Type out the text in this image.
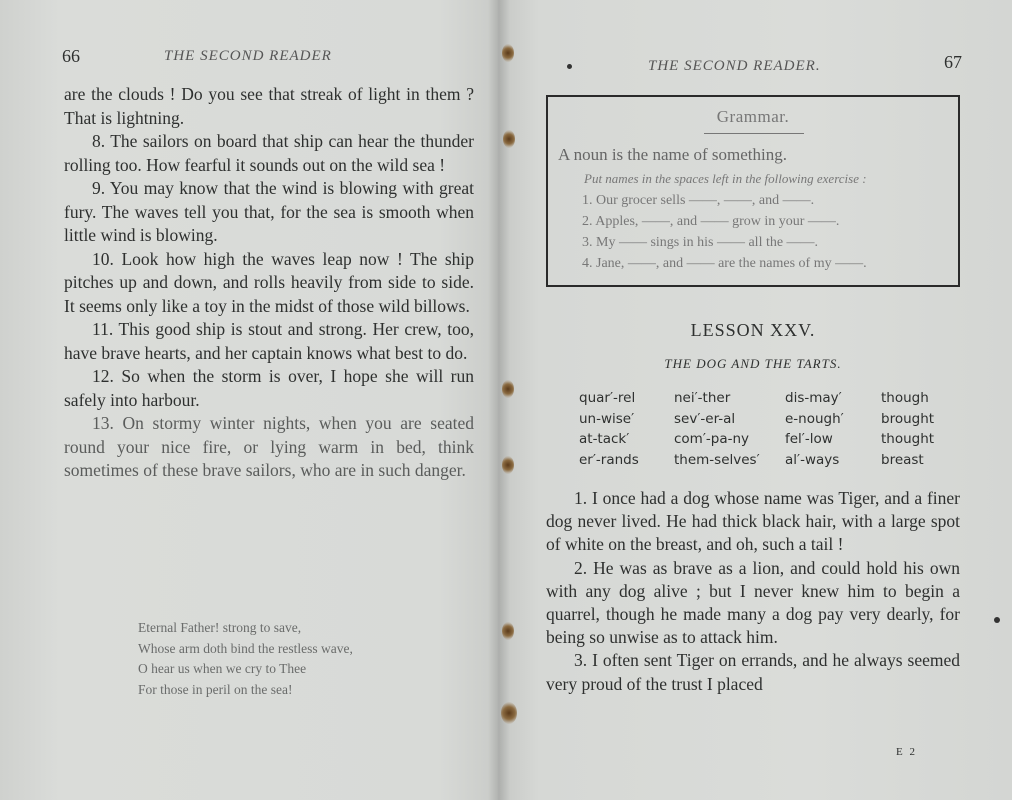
66	THE SECOND READER

are the clouds ! Do you see that streak of light in them ? That is lightning.

8. The sailors on board that ship can hear the thunder rolling too. How fearful it sounds out on the wild sea !

9. You may know that the wind is blowing with great fury. The waves tell you that, for the sea is smooth when little wind is blowing.

10. Look how high the waves leap now ! The ship pitches up and down, and rolls heavily from side to side. It seems only like a toy in the midst of those wild billows.

11. This good ship is stout and strong. Her crew, too, have brave hearts, and her captain knows what best to do.

12. So when the storm is over, I hope she will run safely into harbour.

13. On stormy winter nights, when you are seated round your nice fire, or lying warm in bed, think sometimes of these brave sailors, who are in such danger.

Eternal Father! strong to save,
Whose arm doth bind the restless wave,
O hear us when we cry to Thee
For those in peril on the sea!
THE SECOND READER.	67
Grammar.
A noun is the name of something.
Put names in the spaces left in the following exercise :
1. Our grocer sells ——, ——, and ——.
2. Apples, ——, and —— grow in your ——.
3. My —— sings in his —— all the ——.
4. Jane, ——, and —— are the names of my ——.
LESSON XXV.
THE DOG AND THE TARTS.
quar′-rel
un-wise′
at-tack′
er′-rands
nei′-ther
sev′-er-al
com′-pa-ny
them-selves′
dis-may′
e-nough′
fel′-low
al′-ways
though
brought
thought
breast

1. I once had a dog whose name was Tiger, and a finer dog never lived. He had thick black hair, with a large spot of white on the breast, and oh, such a tail !

2. He was as brave as a lion, and could hold his own with any dog alive ; but I never knew him to begin a quarrel, though he made many a dog pay very dearly, for being so unwise as to attack him.

3. I often sent Tiger on errands, and he always seemed very proud of the trust I placed

E 2
